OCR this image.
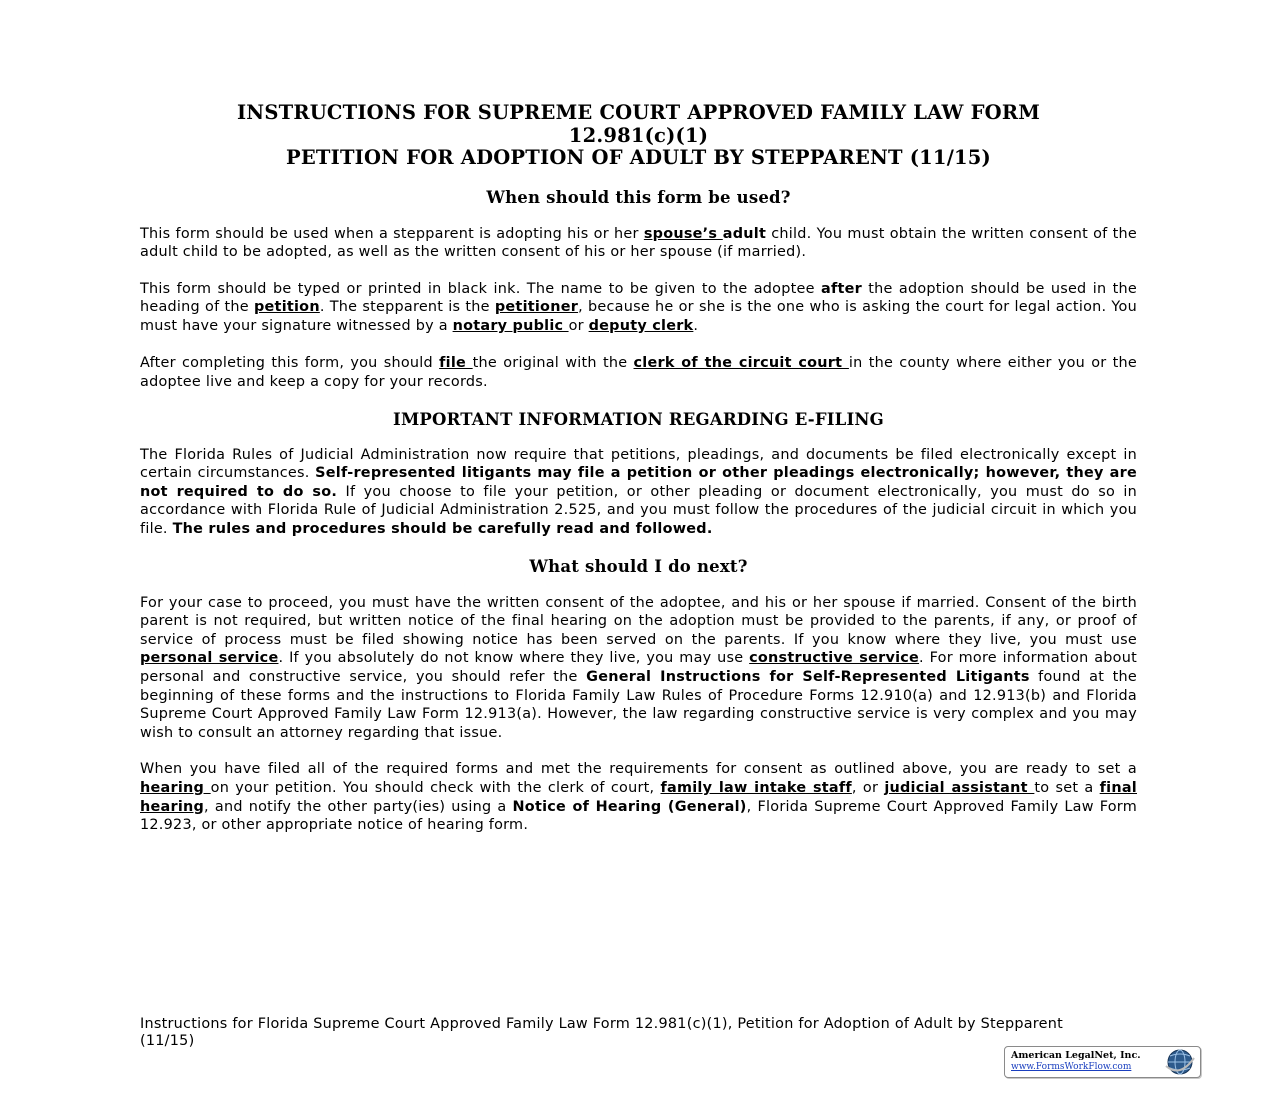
INSTRUCTIONS FOR SUPREME COURT APPROVED FAMILY LAW FORM

12.981(c)(1)

PETITION FOR ADOPTION OF ADULT BY STEPPARENT (11/15)

When should this form be used?

This form should be used when a stepparent is adopting his or her spouse’s adult child. You must obtain the written consent of the adult child to be adopted, as well as the written consent of his or her spouse (if married).

This form should be typed or printed in black ink. The name to be given to the adoptee after the adoption should be used in the heading of the petition. The stepparent is the petitioner, because he or she is the one who is asking the court for legal action. You must have your signature witnessed by a notary public or deputy clerk.

After completing this form, you should file the original with the clerk of the circuit court in the county where either you or the adoptee live and keep a copy for your records.

IMPORTANT INFORMATION REGARDING E-FILING

The Florida Rules of Judicial Administration now require that petitions, pleadings, and documents be filed electronically except in certain circumstances. Self-represented litigants may file a petition or other pleadings electronically; however, they are not required to do so. If you choose to file your petition, or other pleading or document electronically, you must do so in accordance with Florida Rule of Judicial Administration 2.525, and you must follow the procedures of the judicial circuit in which you file. The rules and procedures should be carefully read and followed.

What should I do next?

For your case to proceed, you must have the written consent of the adoptee, and his or her spouse if married. Consent of the birth parent is not required, but written notice of the final hearing on the adoption must be provided to the parents, if any, or proof of service of process must be filed showing notice has been served on the parents. If you know where they live, you must use personal service. If you absolutely do not know where they live, you may use constructive service. For more information about personal and constructive service, you should refer the General Instructions for Self-Represented Litigants found at the beginning of these forms and the instructions to Florida Family Law Rules of Procedure Forms 12.910(a) and 12.913(b) and Florida Supreme Court Approved Family Law Form 12.913(a). However, the law regarding constructive service is very complex and you may wish to consult an attorney regarding that issue.

When you have filed all of the required forms and met the requirements for consent as outlined above, you are ready to set a hearing on your petition. You should check with the clerk of court, family law intake staff, or judicial assistant to set a final hearing, and notify the other party(ies) using a Notice of Hearing (General), Florida Supreme Court Approved Family Law Form 12.923, or other appropriate notice of hearing form.

Instructions for Florida Supreme Court Approved Family Law Form 12.981(c)(1), Petition for Adoption of Adult by Stepparent (11/15)
American LegalNet, Inc.
www.FormsWorkFlow.com
